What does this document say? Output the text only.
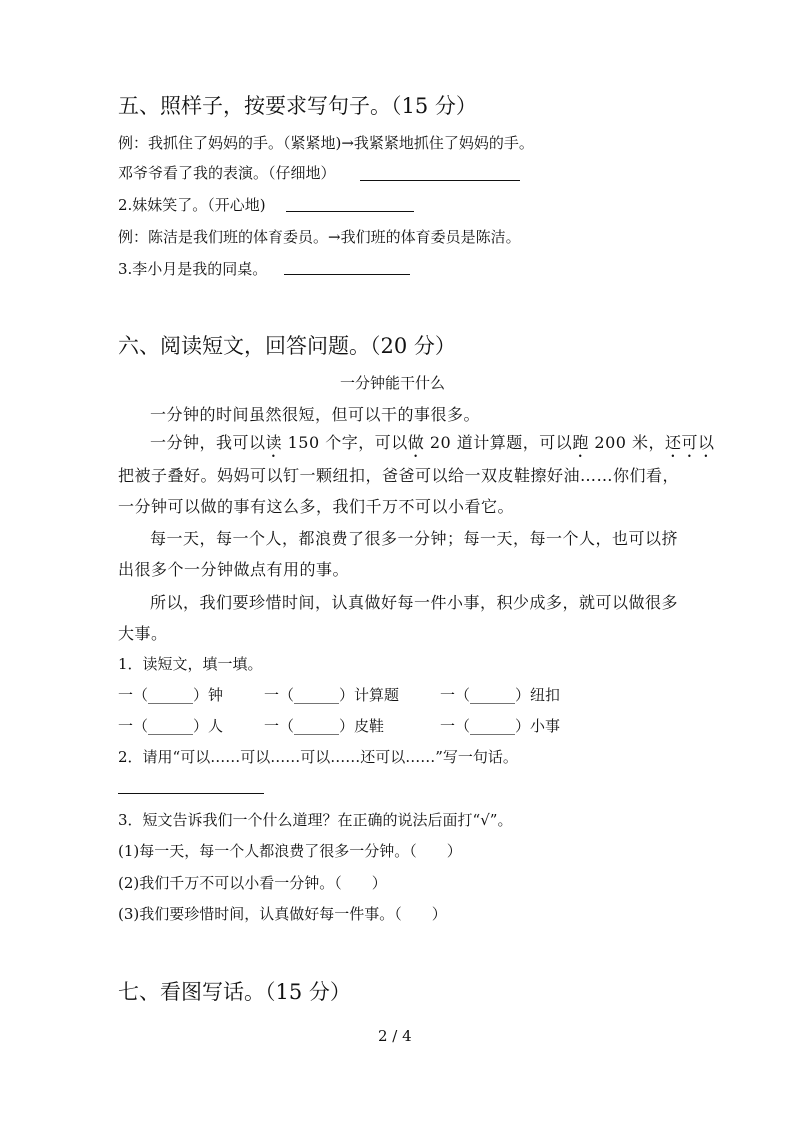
五、照样子，按要求写句子。（15 分）
例：我抓住了妈妈的手。（紧紧地)→我紧紧地抓住了妈妈的手。
邓爷爷看了我的表演。（仔细地）
2.妹妹笑了。（开心地)
例：陈洁是我们班的体育委员。→我们班的体育委员是陈洁。
3.李小月是我的同桌。
六、阅读短文，回答问题。（20 分）
一分钟能干什么
一分钟的时间虽然很短，但可以干的事很多。
一分钟，我可以读 150 个字，可以做 20 道计算题，可以跑 200 米，还可以
把被子叠好。妈妈可以钉一颗纽扣，爸爸可以给一双皮鞋擦好油……你们看，
一分钟可以做的事有这么多，我们千万不可以小看它。
每一天，每一个人，都浪费了很多一分钟；每一天，每一个人，也可以挤
出很多个一分钟做点有用的事。
所以，我们要珍惜时间，认真做好每一件小事，积少成多，就可以做很多
大事。
1．读短文，填一填。
一（______）钟	一（______）计算题	一（______）纽扣
一（______）人	一（______）皮鞋	一（______）小事
2．请用“可以……可以……可以……还可以……”写一句话。
3．短文告诉我们一个什么道理？在正确的说法后面打“√”。
(1)每一天，每一个人都浪费了很多一分钟。（　　）
(2)我们千万不可以小看一分钟。（　　）
(3)我们要珍惜时间，认真做好每一件事。（　　）
七、看图写话。（15 分）
2 / 4
